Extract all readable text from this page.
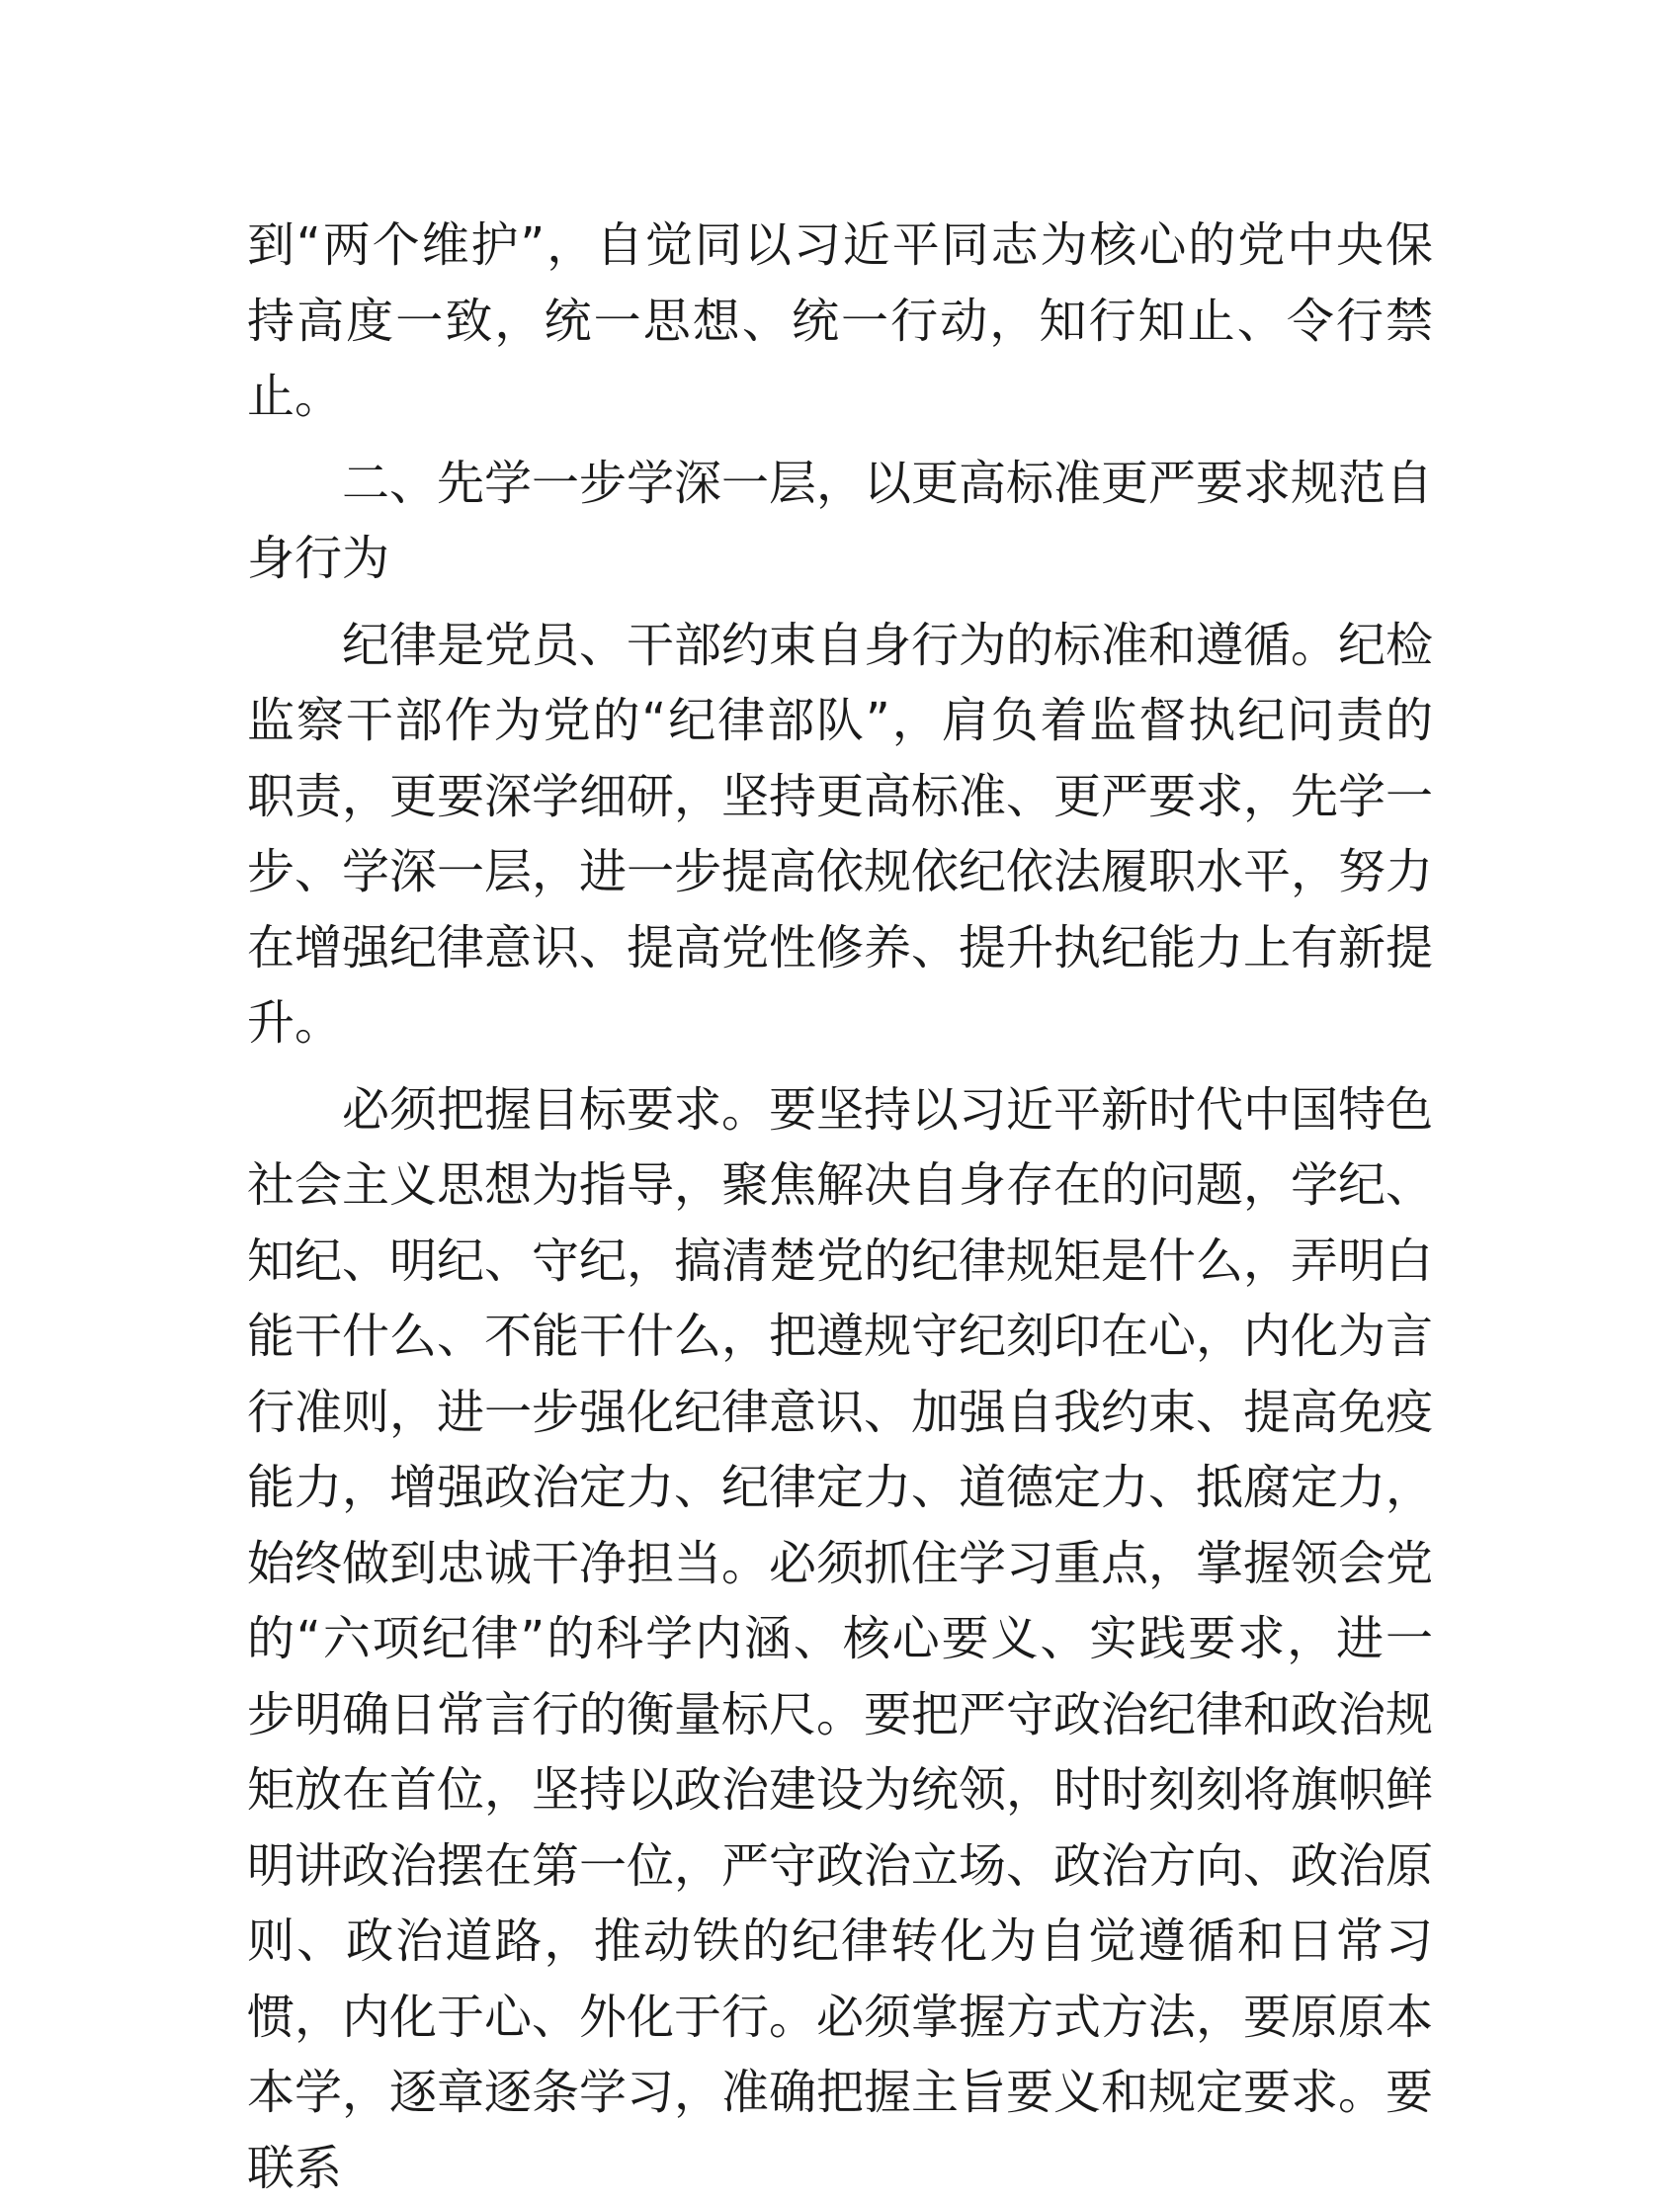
到“两个维护”，自觉同以习近平同志为核心的党中央保持高度一致，统一思想、统一行动，知行知止、令行禁止。

二、先学一步学深一层，以更高标准更严要求规范自身行为

纪律是党员、干部约束自身行为的标准和遵循。纪检监察干部作为党的“纪律部队”，肩负着监督执纪问责的职责，更要深学细研，坚持更高标准、更严要求，先学一步、学深一层，进一步提高依规依纪依法履职水平，努力在增强纪律意识、提高党性修养、提升执纪能力上有新提升。

必须把握目标要求。要坚持以习近平新时代中国特色社会主义思想为指导，聚焦解决自身存在的问题，学纪、知纪、明纪、守纪，搞清楚党的纪律规矩是什么，弄明白能干什么、不能干什么，把遵规守纪刻印在心，内化为言行准则，进一步强化纪律意识、加强自我约束、提高免疫能力，增强政治定力、纪律定力、道德定力、抵腐定力，始终做到忠诚干净担当。必须抓住学习重点，掌握领会党的“六项纪律”的科学内涵、核心要义、实践要求，进一步明确日常言行的衡量标尺。要把严守政治纪律和政治规矩放在首位，坚持以政治建设为统领，时时刻刻将旗帜鲜明讲政治摆在第一位，严守政治立场、政治方向、政治原则、政治道路，推动铁的纪律转化为自觉遵循和日常习惯，内化于心、外化于行。必须掌握方式方法，要原原本本学，逐章逐条学习，准确把握主旨要义和规定要求。要联系
